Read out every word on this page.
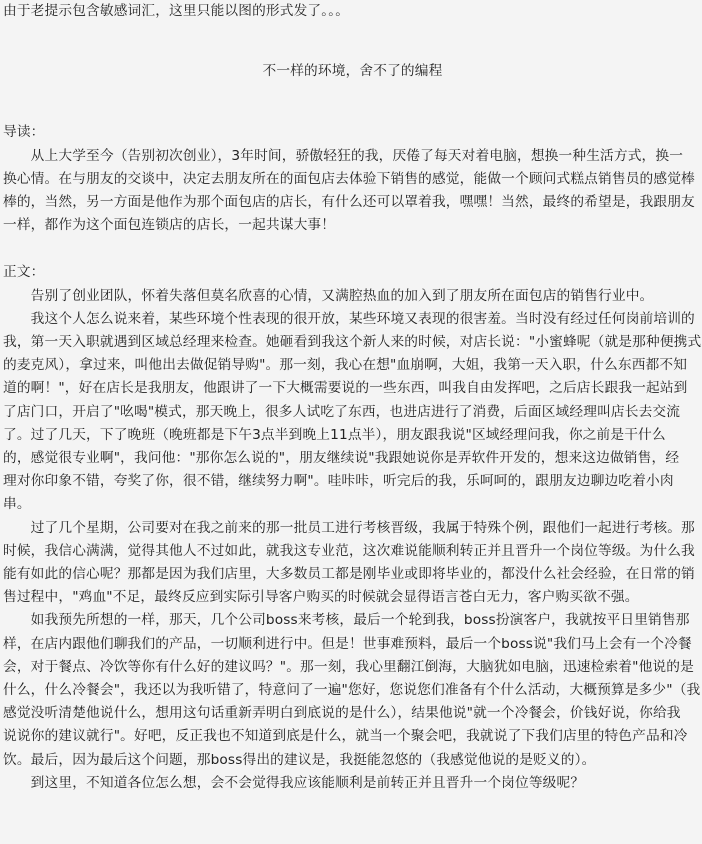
由于老提示包含敏感词汇，这里只能以图的形式发了。。。
不一样的环境，舍不了的编程
导读：
　　从上大学至今（告别初次创业），3年时间，骄傲轻狂的我，厌倦了每天对着电脑，想换一种生活方式，换一
换心情。在与朋友的交谈中，决定去朋友所在的面包店去体验下销售的感觉，能做一个顾问式糕点销售员的感觉棒
棒的，当然，另一方面是他作为那个面包店的店长，有什么还可以罩着我，嘿嘿！当然，最终的希望是，我跟朋友
一样，都作为这个面包连锁店的店长，一起共谋大事！
正文：
　　告别了创业团队，怀着失落但莫名欣喜的心情，又满腔热血的加入到了朋友所在面包店的销售行业中。
　　我这个人怎么说来着，某些环境个性表现的很开放，某些环境又表现的很害羞。当时没有经过任何岗前培训的
我，第一天入职就遇到区域总经理来检查。她砸看到我这个新人来的时候，对店长说："小蜜蜂呢（就是那种便携式
的麦克风），拿过来，叫他出去做促销导购"。那一刻，我心在想"血崩啊，大姐，我第一天入职，什么东西都不知
道的啊！"，好在店长是我朋友，他跟讲了一下大概需要说的一些东西，叫我自由发挥吧，之后店长跟我一起站到
了店门口，开启了"吆喝"模式，那天晚上，很多人试吃了东西，也进店进行了消费，后面区域经理叫店长去交流
了。过了几天，下了晚班（晚班都是下午3点半到晚上11点半），朋友跟我说"区域经理问我，你之前是干什么
的，感觉很专业啊"，我问他："那你怎么说的"，朋友继续说"我跟她说你是弄软件开发的，想来这边做销售，经
理对你印象不错，夸奖了你，很不错，继续努力啊"。哇咔咔，听完后的我，乐呵呵的，跟朋友边聊边吃着小肉
串。
　　过了几个星期，公司要对在我之前来的那一批员工进行考核晋级，我属于特殊个例，跟他们一起进行考核。那
时候，我信心满满，觉得其他人不过如此，就我这专业范，这次难说能顺利转正并且晋升一个岗位等级。为什么我
能有如此的信心呢？那都是因为我们店里，大多数员工都是刚毕业或即将毕业的，都没什么社会经验，在日常的销
售过程中，"鸡血"不足，最终反应到实际引导客户购买的时候就会显得语言苍白无力，客户购买欲不强。
　　如我预先所想的一样，那天，几个公司boss来考核，最后一个轮到我，boss扮演客户，我就按平日里销售那
样，在店内跟他们聊我们的产品，一切顺利进行中。但是！世事难预料，最后一个boss说"我们马上会有一个冷餐
会，对于餐点、冷饮等你有什么好的建议吗？"。那一刻，我心里翻江倒海，大脑犹如电脑，迅速检索着"他说的是
什么，什么冷餐会"，我还以为我听错了，特意问了一遍"您好，您说您们准备有个什么活动，大概预算是多少"（我
感觉没听清楚他说什么，想用这句话重新弄明白到底说的是什么），结果他说"就一个冷餐会，价钱好说，你给我
说说你的建议就行"。好吧，反正我也不知道到底是什么，就当一个聚会吧，我就说了下我们店里的特色产品和冷
饮。最后，因为最后这个问题，那boss得出的建议是，我挺能忽悠的（我感觉他说的是贬义的）。
　　到这里，不知道各位怎么想，会不会觉得我应该能顺利是前转正并且晋升一个岗位等级呢？
